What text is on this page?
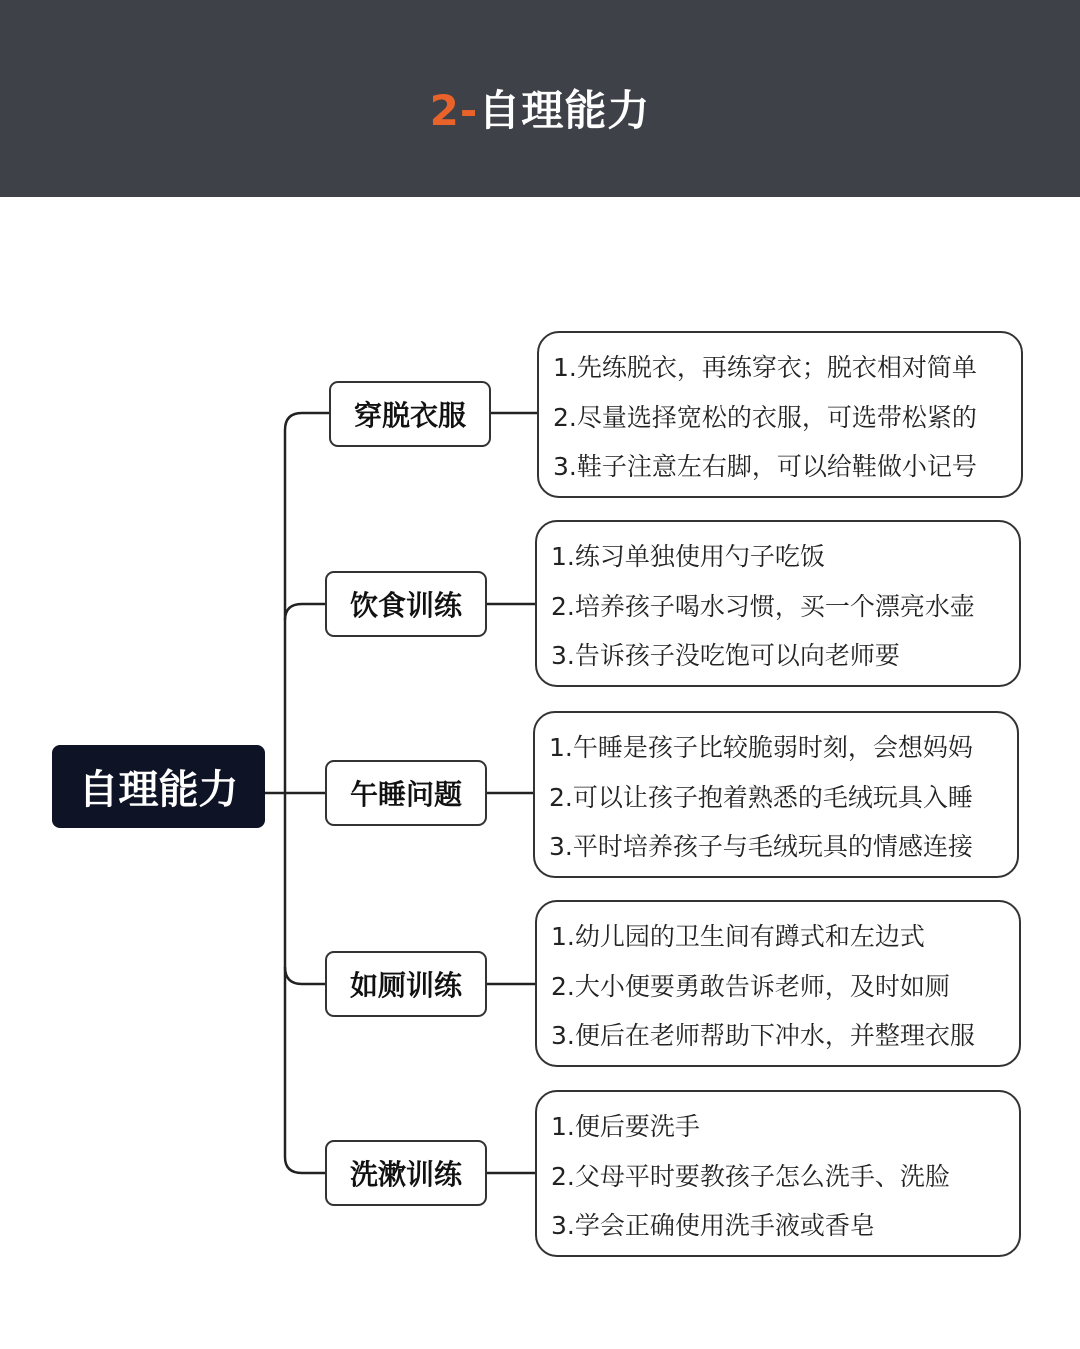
2-自理能力
自理能力
穿脱衣服
饮食训练
午睡问题
如厕训练
洗漱训练
1.先练脱衣，再练穿衣；脱衣相对简单
2.尽量选择宽松的衣服，可选带松紧的
3.鞋子注意左右脚，可以给鞋做小记号
1.练习单独使用勺子吃饭
2.培养孩子喝水习惯，买一个漂亮水壶
3.告诉孩子没吃饱可以向老师要
1.午睡是孩子比较脆弱时刻，会想妈妈
2.可以让孩子抱着熟悉的毛绒玩具入睡
3.平时培养孩子与毛绒玩具的情感连接
1.幼儿园的卫生间有蹲式和左边式
2.大小便要勇敢告诉老师，及时如厕
3.便后在老师帮助下冲水，并整理衣服
1.便后要洗手
2.父母平时要教孩子怎么洗手、洗脸
3.学会正确使用洗手液或香皂
